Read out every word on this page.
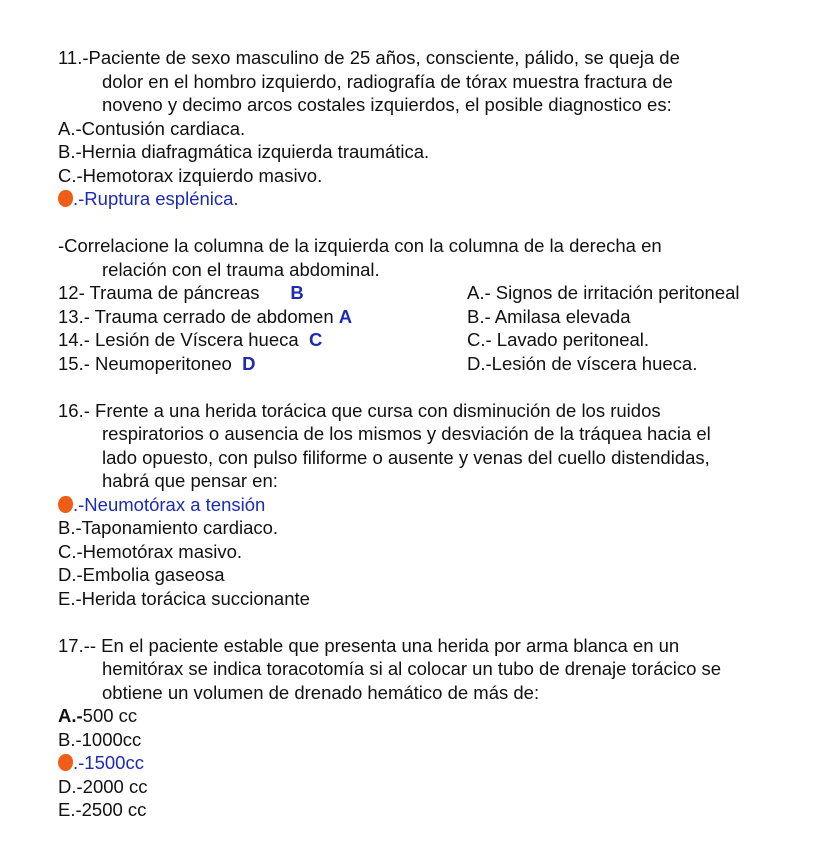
11.-Paciente de sexo masculino de 25 años, consciente, pálido, se queja de
dolor en el hombro izquierdo, radiografía de tórax muestra fractura de
noveno y decimo arcos costales izquierdos, el posible diagnostico es:
A.-Contusión cardiaca.
B.-Hernia diafragmática izquierda traumática.
C.-Hemotorax izquierdo masivo.
.-Ruptura esplénica.
-Correlacione la columna de la izquierda con la columna de la derecha en
relación con el trauma abdominal.
12- Trauma de páncreas B	A.- Signos de irritación peritoneal
13.- Trauma cerrado de abdomen A	B.- Amilasa elevada
14.- Lesión de Víscera hueca C	C.- Lavado peritoneal.
15.- Neumoperitoneo D	D.-Lesión de víscera hueca.
16.- Frente a una herida torácica que cursa con disminución de los ruidos
respiratorios o ausencia de los mismos y desviación de la tráquea hacia el
lado opuesto, con pulso filiforme o ausente y venas del cuello distendidas,
habrá que pensar en:
.-Neumotórax a tensión
B.-Taponamiento cardiaco.
C.-Hemotórax masivo.
D.-Embolia gaseosa
E.-Herida torácica succionante
17.-- En el paciente estable que presenta una herida por arma blanca en un
hemitórax se indica toracotomía si al colocar un tubo de drenaje torácico se
obtiene un volumen de drenado hemático de más de:
A.-500 cc
B.-1000cc
.-1500cc
D.-2000 cc
E.-2500 cc
